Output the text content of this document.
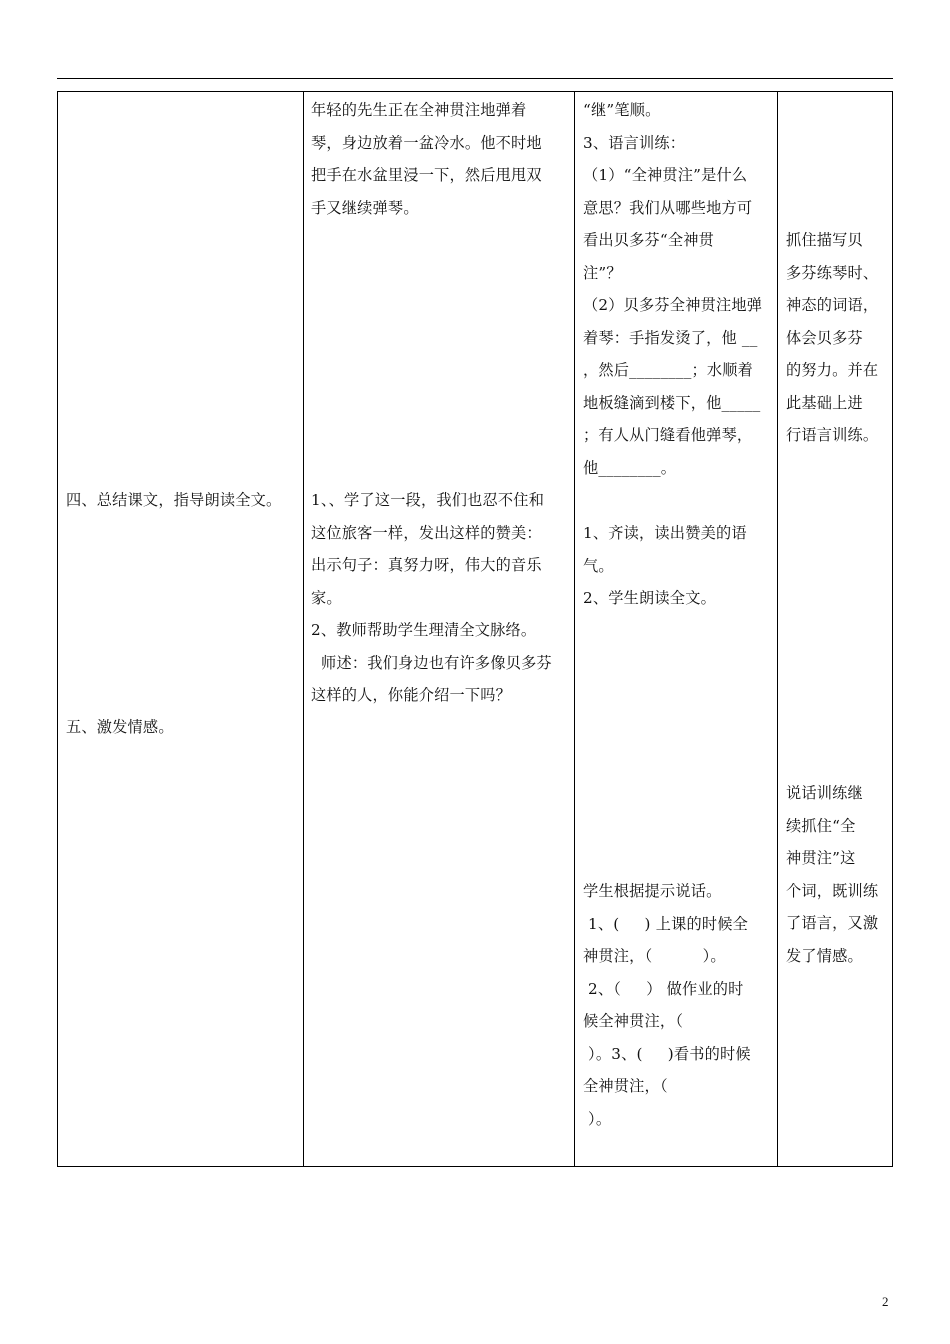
四、总结课文，指导朗读全文。
五、激发情感。
年轻的先生正在全神贯注地弹着
琴，身边放着一盆冷水。他不时地
把手在水盆里浸一下，然后甩甩双
手又继续弹琴。
1、、学了这一段，我们也忍不住和
这位旅客一样，发出这样的赞美：
出示句子：真努力呀，伟大的音乐
家。
2、教师帮助学生理清全文脉络。
师述：我们身边也有许多像贝多芬
这样的人，你能介绍一下吗？
“继”笔顺。
3、语言训练：
（1）“全神贯注”是什么
意思？我们从哪些地方可
看出贝多芬“全神贯
注”？
（2）贝多芬全神贯注地弹
着琴：手指发烫了，他 __
，然后________；水顺着
地板缝滴到楼下，他_____
；有人从门缝看他弹琴，
他________。
1、齐读，读出赞美的语
气。
2、学生朗读全文。
学生根据提示说话。
1、(     ) 上课的时候全
神贯注，（          ）。
2、（     ） 做作业的时
候全神贯注，（
）。3、(     )看书的时候
全神贯注，（
）。
抓住描写贝
多芬练琴时、
神态的词语，
体会贝多芬
的努力。并在
此基础上进
行语言训练。
说话训练继
续抓住“全
神贯注”这
个词，既训练
了语言，又激
发了情感。
2
